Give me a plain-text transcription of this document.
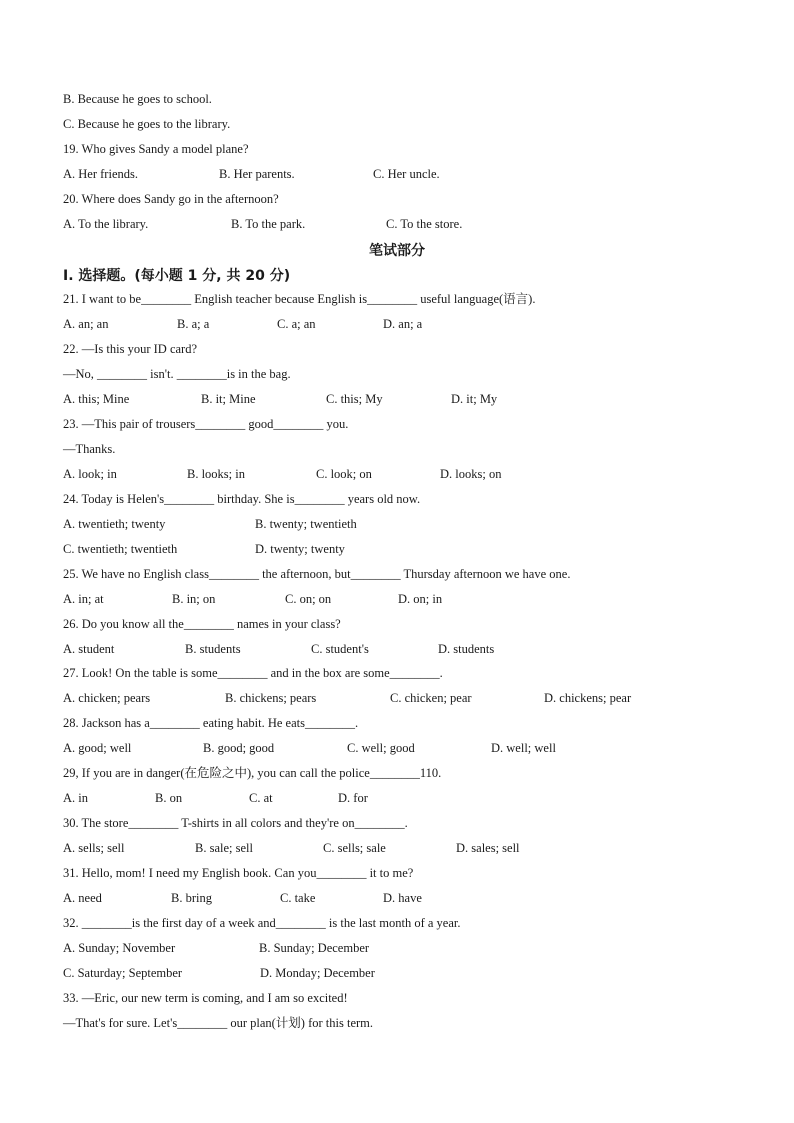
B. Because he goes to school.
C. Because he goes to the library.
19. Who gives Sandy a model plane?
A. Her friends.	B. Her parents.	C. Her uncle.
20. Where does Sandy go in the afternoon?
A. To the library.	B. To the park.	C. To the store.
笔试部分
I. 选择题。(每小题 1 分, 共 20 分)
21. I want to be________ English teacher because English is________ useful language(语言).
A. an; an	B. a; a	C. a; an	D. an; a
22. —Is this your ID card?
—No, ________ isn't. ________is in the bag.
A. this; Mine	B. it; Mine	C. this; My	D. it; My
23. —This pair of trousers________ good________ you.
—Thanks.
A. look; in	B. looks; in	C. look; on	D. looks; on
24. Today is Helen's________ birthday. She is________ years old now.
A. twentieth; twenty	B. twenty; twentieth
C. twentieth; twentieth	D. twenty; twenty
25. We have no English class________ the afternoon, but________ Thursday afternoon we have one.
A. in; at	B. in; on	C. on; on	D. on; in
26. Do you know all the________ names in your class?
A. student	B. students	C. student's	D. students
27. Look! On the table is some________ and in the box are some________.
A. chicken; pears	B. chickens; pears	C. chicken; pear	D. chickens; pear
28. Jackson has a________ eating habit. He eats________.
A. good; well	B. good; good	C. well; good	D. well; well
29, If you are in danger(在危险之中), you can call the police________110.
A. in	B. on	C. at	D. for
30. The store________ T-shirts in all colors and they're on________.
A. sells; sell	B. sale; sell	C. sells; sale	D. sales; sell
31. Hello, mom! I need my English book. Can you________ it to me?
A. need	B. bring	C. take	D. have
32. ________is the first day of a week and________ is the last month of a year.
A. Sunday; November	B. Sunday; December
C. Saturday; September	D. Monday; December
33. —Eric, our new term is coming, and I am so excited!
—That's for sure. Let's________ our plan(计划) for this term.
